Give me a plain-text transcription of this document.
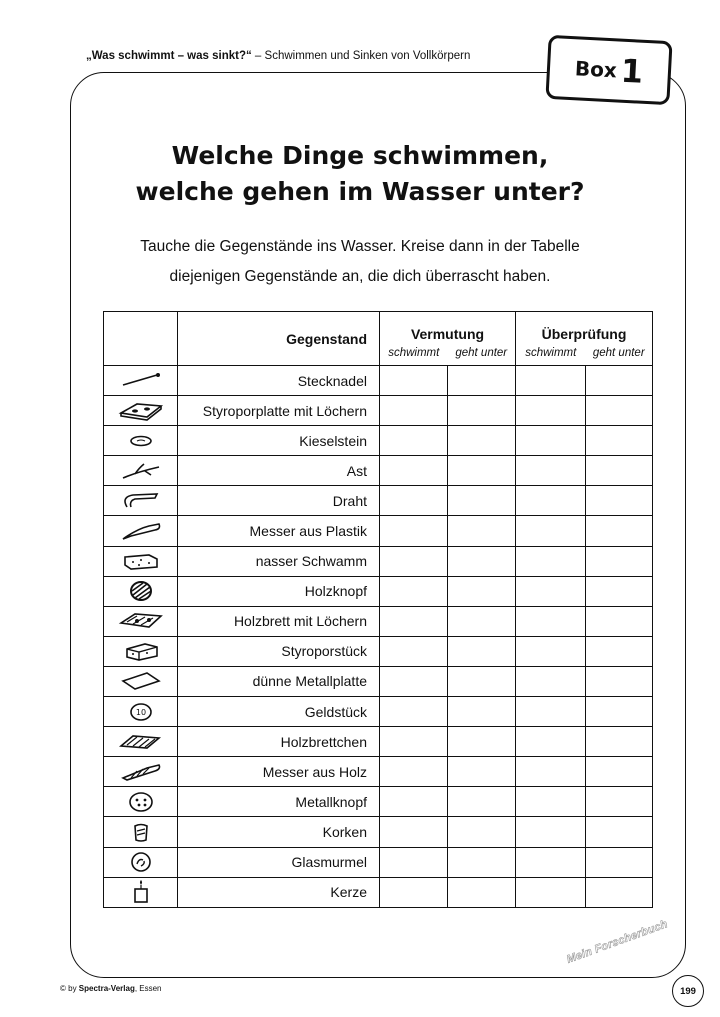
„Was schwimmt – was sinkt?“ – Schwimmen und Sinken von Vollkörpern
Box 1
Welche Dinge schwimmen,
welche gehen im Wasser unter?
Tauche die Gegenstände ins Wasser. Kreise dann in der Tabelle
diejenigen Gegenstände an, die dich überrascht haben.
	Gegenstand	Vermutung		Überprüfung	
		schwimmt	geht unter	schwimmt	geht unter

	Stecknadel				

	Styroporplatte mit Löchern				

	Kieselstein				

	Ast				

	Draht				

	Messer aus Plastik				

	nasser Schwamm				

	Holzknopf				

	Holzbrett mit Löchern				

	Styroporstück				

	dünne Metallplatte				

10	Geldstück				

	Holzbrettchen				

	Messer aus Holz				

	Metallknopf				

	Korken				

	Glasmurmel				

	Kerze				
Mein Forscherbuch
© by Spectra-Verlag, Essen	199
